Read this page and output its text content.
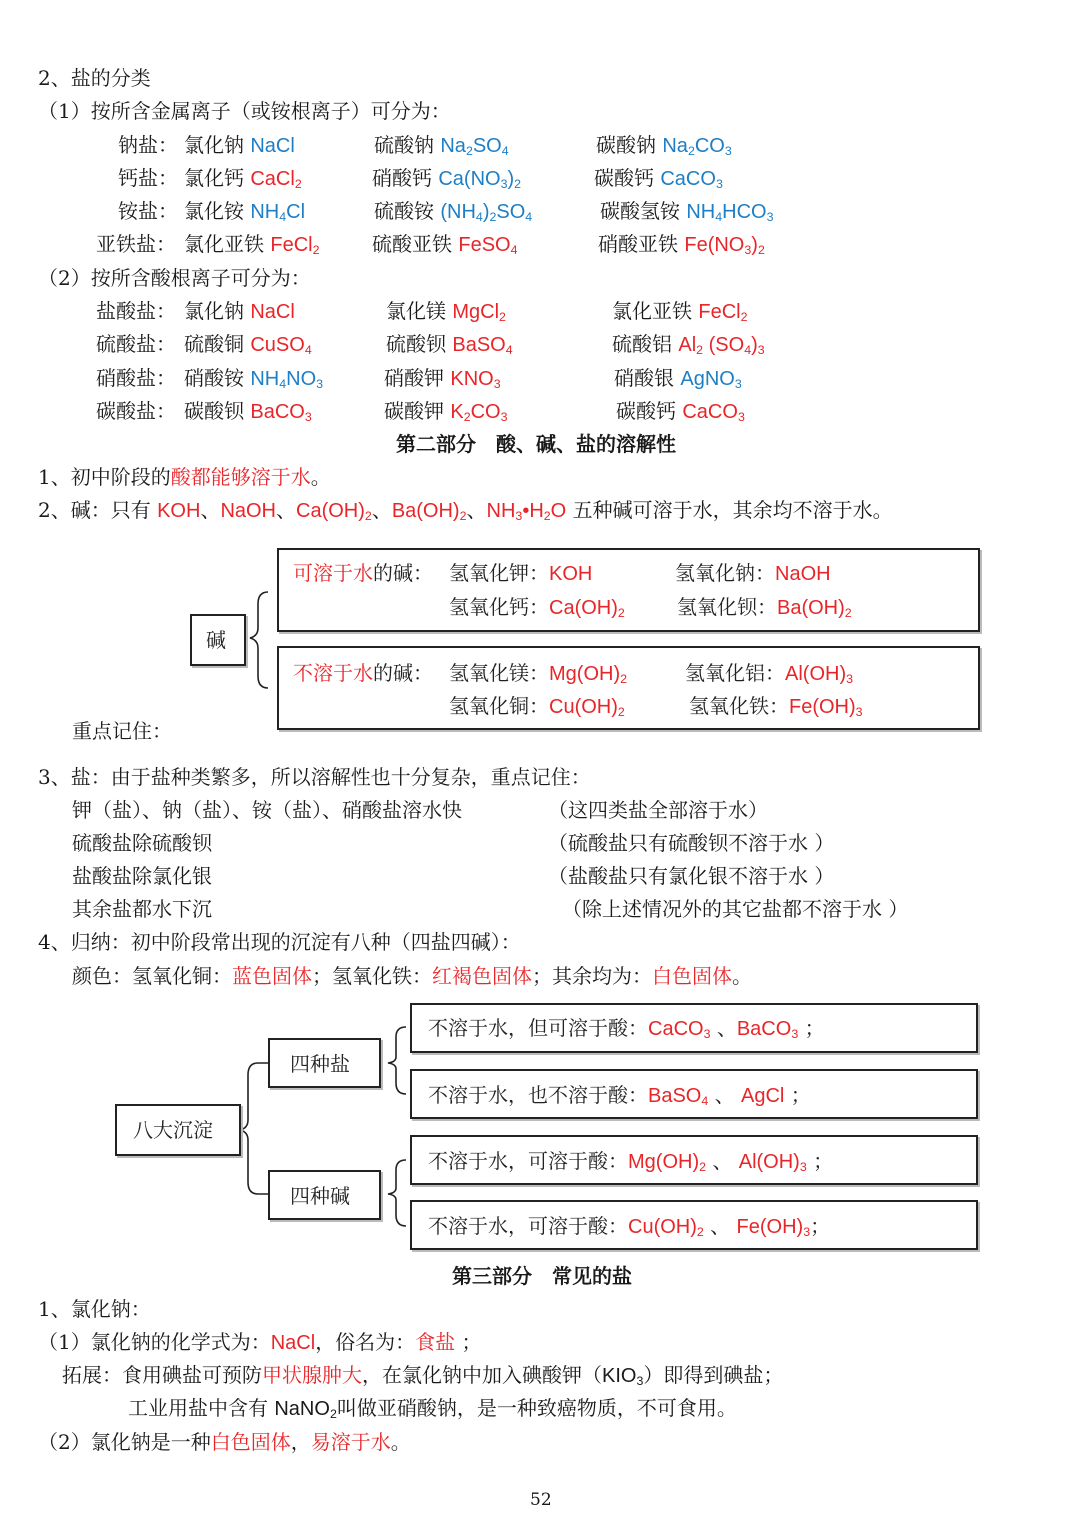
2、盐的分类
（1）按所含金属离子（或铵根离子）可分为：
钠盐： 氯化钠 NaCl	硫酸钠 $Na_2SO_4$	碳酸钠 $Na_2CO_3$
钙盐： 氯化钙 CaCl$_2$	硝酸钙 $Ca(NO_3)_2$	碳酸钙 CaCO$_3$
铵盐： 氯化铵 $NH_4Cl$	硫酸铵 $(NH_4)_2SO_4$	碳酸氢铵 $NH_4HCO_3$
亚铁盐： 氯化亚铁 FeCl$_2$	硫酸亚铁 FeSO$_4$	硝酸亚铁 $Fe(NO_3)_2$
（2）按所含酸根离子可分为：
盐酸盐： 氯化钠 NaCl	氯化镁 MgCl$_2$	氯化亚铁 FeCl$_2$
硫酸盐： 硫酸铜 CuSO$_4$	硫酸钡 BaSO$_4$	硫酸铝 $Al_2$ $(SO_4)_3$
硝酸盐： 硝酸铵 $NH_4NO_3$	硝酸钾 $KNO_3$	硝酸银 AgNO$_3$
碳酸盐： 碳酸钡 BaCO$_3$	碳酸钾 $K_2CO_3$	碳酸钙 CaCO$_3$
第二部分　酸、碱、盐的溶解性
1、初中阶段的酸都能够溶于水。
2、碱：只有 KOH、NaOH、$Ca(OH)_2$、$Ba(OH)_2$、$NH_3•H_2O$ 五种碱可溶于水，其余均不溶于水。
碱
可溶于水的碱： 氢氧化钾：KOH	氢氧化钠：NaOH
氢氧化钙：$Ca(OH)_2$	氢氧化钡：$Ba(OH)_2$
不溶于水的碱： 氢氧化镁：$Mg(OH)_2$	氢氧化铝：$Al(OH)_3$
氢氧化铜：$Cu(OH)_2$	氢氧化铁：$Fe(OH)_3$
重点记住：
3、盐：由于盐种类繁多，所以溶解性也十分复杂，重点记住：
钾（盐）、钠（盐）、铵（盐）、硝酸盐溶水快	（这四类盐全部溶于水）
硫酸盐除硫酸钡	（硫酸盐只有硫酸钡不溶于水 ）
盐酸盐除氯化银	（盐酸盐只有氯化银不溶于水 ）
其余盐都水下沉	（除上述情况外的其它盐都不溶于水 ）
4、归纳：初中阶段常出现的沉淀有八种（四盐四碱）：
颜色：氢氧化铜：蓝色固体；氢氧化铁：红褐色固体；其余均为：白色固体。
八大沉淀
四种盐
四种碱
不溶于水，但可溶于酸：CaCO$_3$ 、BaCO$_3$ ；
不溶于水，也不溶于酸：BaSO$_4$ 、 AgCl ；
不溶于水，可溶于酸：$Mg(OH)_2$ 、 $Al(OH)_3$ ；
不溶于水，可溶于酸：$Cu(OH)_2$ 、 $Fe(OH)_3$；
第三部分　常见的盐
1、氯化钠：
（1）氯化钠的化学式为：NaCl，俗名为：食盐 ；
拓展：食用碘盐可预防甲状腺肿大，在氯化钠中加入碘酸钾$(KIO_3)$即得到碘盐；
工业用盐中含有 NaNO$_2$叫做亚硝酸钠，是一种致癌物质，不可食用。
（2）氯化钠是一种白色固体，易溶于水。
52
